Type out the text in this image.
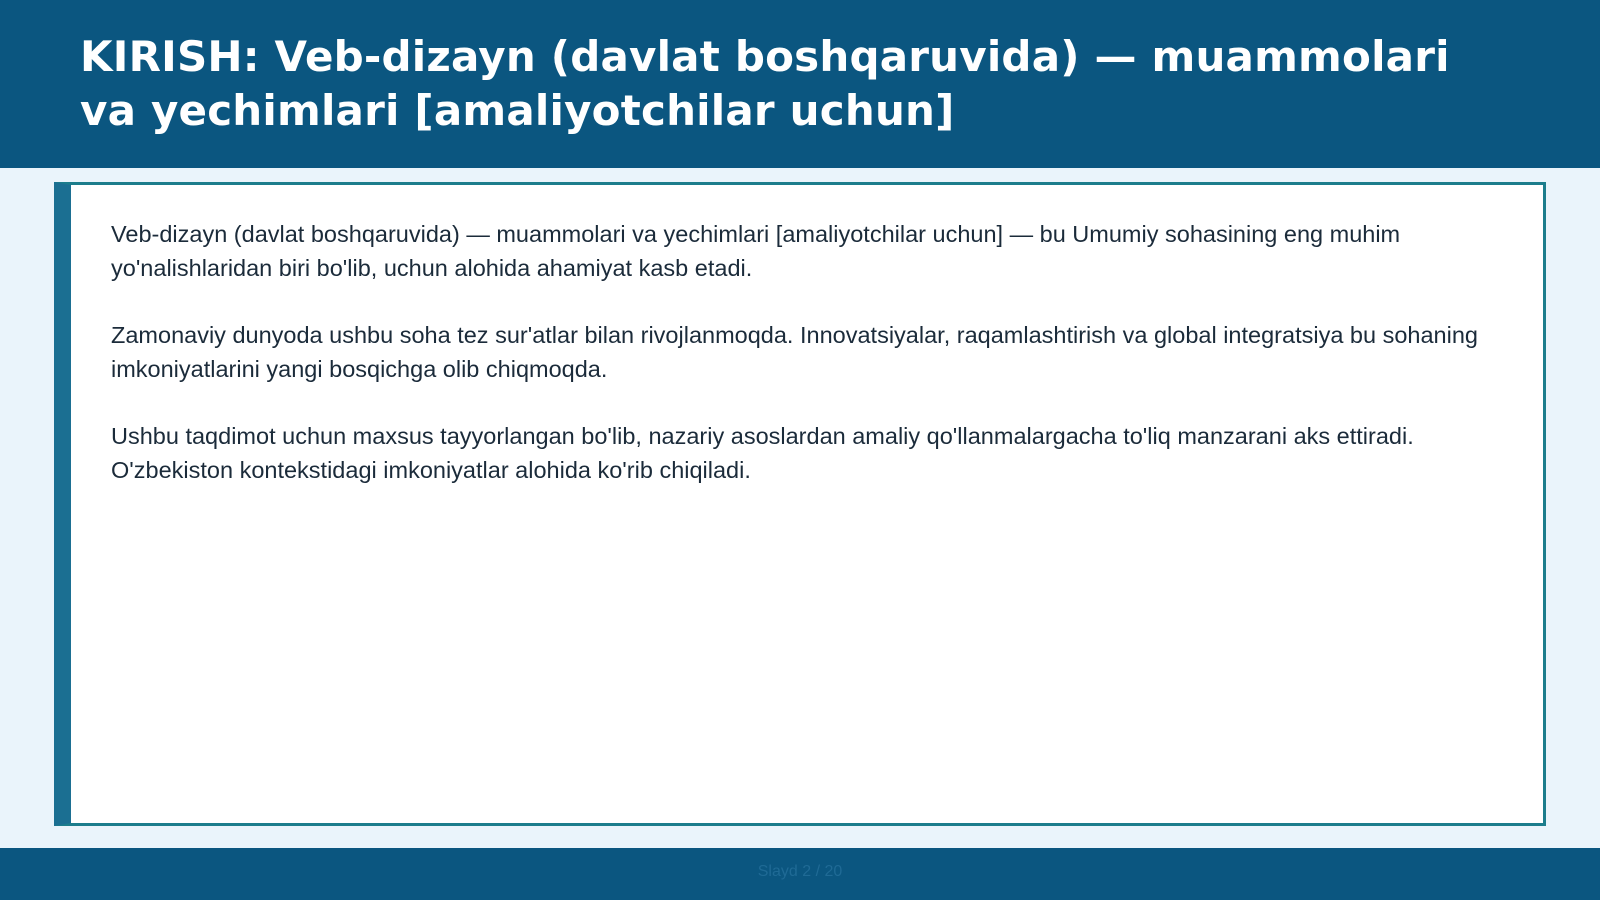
KIRISH: Veb-dizayn (davlat boshqaruvida) — muammolari va yechimlari [amaliyotchilar uchun]

Veb-dizayn (davlat boshqaruvida) — muammolari va yechimlari [amaliyotchilar uchun] — bu Umumiy sohasining eng muhim yo'nalishlaridan biri bo'lib, uchun alohida ahamiyat kasb etadi.

Zamonaviy dunyoda ushbu soha tez sur'atlar bilan rivojlanmoqda. Innovatsiyalar, raqamlashtirish va global integratsiya bu sohaning imkoniyatlarini yangi bosqichga olib chiqmoqda.

Ushbu taqdimot uchun maxsus tayyorlangan bo'lib, nazariy asoslardan amaliy qo'llanmalargacha to'liq manzarani aks ettiradi. O'zbekiston kontekstidagi imkoniyatlar alohida ko'rib chiqiladi.

Slayd 2 / 20
